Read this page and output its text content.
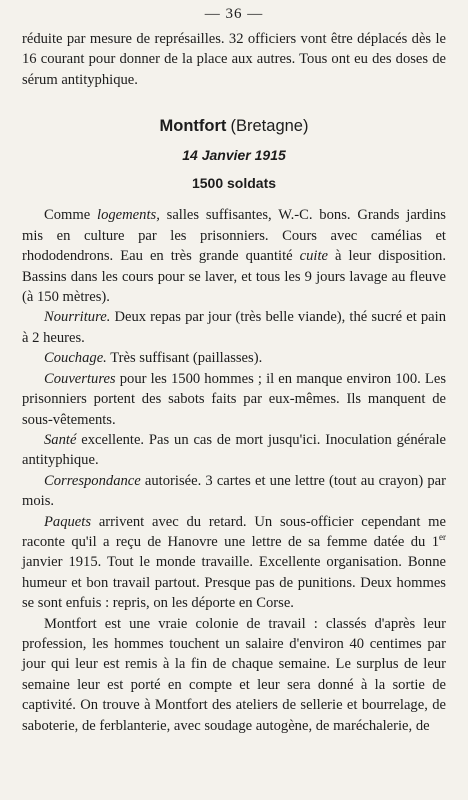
— 36 —

réduite par mesure de représailles. 32 officiers vont être déplacés dès le 16 courant pour donner de la place aux autres. Tous ont eu des doses de sérum antityphique.

Montfort (Bretagne)
14 Janvier 1915
1500 soldats

Comme logements, salles suffisantes, W.-C. bons. Grands jardins mis en culture par les prisonniers. Cours avec camélias et rhododendrons. Eau en très grande quantité cuite à leur disposition. Bassins dans les cours pour se laver, et tous les 9 jours lavage au fleuve (à 150 mètres).

Nourriture. Deux repas par jour (très belle viande), thé sucré et pain à 2 heures.

Couchage. Très suffisant (paillasses).

Couvertures pour les 1500 hommes ; il en manque environ 100. Les prisonniers portent des sabots faits par eux-mêmes. Ils manquent de sous-vêtements.

Santé excellente. Pas un cas de mort jusqu'ici. Inoculation générale antityphique.

Correspondance autorisée. 3 cartes et une lettre (tout au crayon) par mois.

Paquets arrivent avec du retard. Un sous-officier cependant me raconte qu'il a reçu de Hanovre une lettre de sa femme datée du 1er janvier 1915. Tout le monde travaille. Excellente organisation. Bonne humeur et bon travail partout. Presque pas de punitions. Deux hommes se sont enfuis : repris, on les déporte en Corse.

Montfort est une vraie colonie de travail : classés d'après leur profession, les hommes touchent un salaire d'environ 40 centimes par jour qui leur est remis à la fin de chaque semaine. Le surplus de leur semaine leur est porté en compte et leur sera donné à la sortie de captivité. On trouve à Montfort des ateliers de sellerie et bourrelage, de saboterie, de ferblanterie, avec soudage autogène, de maréchalerie, de
